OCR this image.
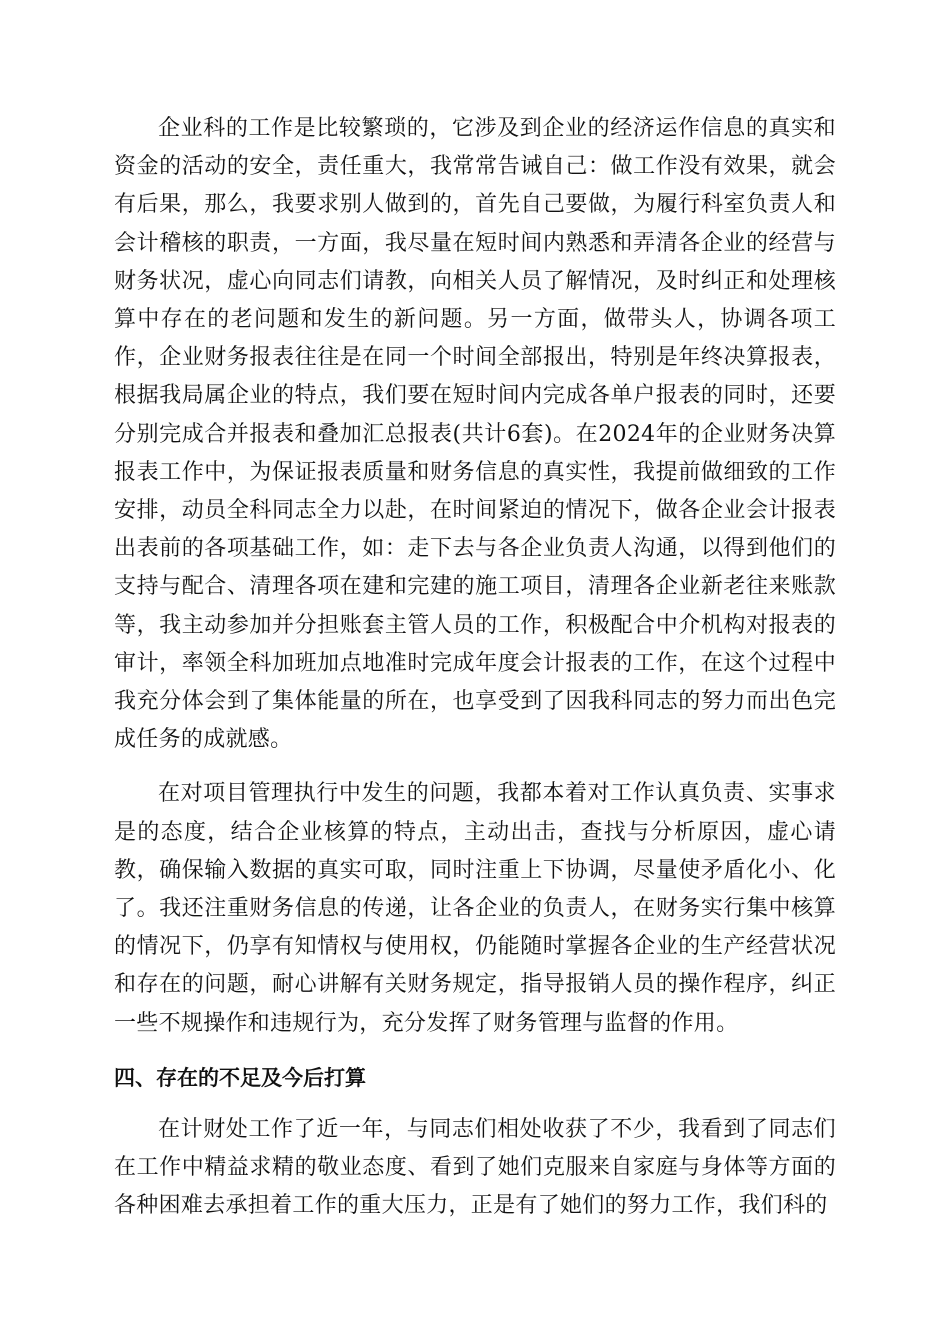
企业科的工作是比较繁琐的，它涉及到企业的经济运作信息的真实和资金的活动的安全，责任重大，我常常告诫自己：做工作没有效果，就会有后果，那么，我要求别人做到的，首先自己要做，为履行科室负责人和会计稽核的职责，一方面，我尽量在短时间内熟悉和弄清各企业的经营与财务状况，虚心向同志们请教，向相关人员了解情况，及时纠正和处理核算中存在的老问题和发生的新问题。另一方面，做带头人，协调各项工作，企业财务报表往往是在同一个时间全部报出，特别是年终决算报表，根据我局属企业的特点，我们要在短时间内完成各单户报表的同时，还要分别完成合并报表和叠加汇总报表(共计6套)。在2024年的企业财务决算报表工作中，为保证报表质量和财务信息的真实性，我提前做细致的工作安排，动员全科同志全力以赴，在时间紧迫的情况下，做各企业会计报表出表前的各项基础工作，如：走下去与各企业负责人沟通，以得到他们的支持与配合、清理各项在建和完建的施工项目，清理各企业新老往来账款等，我主动参加并分担账套主管人员的工作，积极配合中介机构对报表的审计，率领全科加班加点地准时完成年度会计报表的工作，在这个过程中我充分体会到了集体能量的所在，也享受到了因我科同志的努力而出色完成任务的成就感。

在对项目管理执行中发生的问题，我都本着对工作认真负责、实事求是的态度，结合企业核算的特点，主动出击，查找与分析原因，虚心请教，确保输入数据的真实可取，同时注重上下协调，尽量使矛盾化小、化了。我还注重财务信息的传递，让各企业的负责人，在财务实行集中核算的情况下，仍享有知情权与使用权，仍能随时掌握各企业的生产经营状况和存在的问题，耐心讲解有关财务规定，指导报销人员的操作程序，纠正一些不规操作和违规行为，充分发挥了财务管理与监督的作用。

四、存在的不足及今后打算

在计财处工作了近一年，与同志们相处收获了不少，我看到了同志们在工作中精益求精的敬业态度、看到了她们克服来自家庭与身体等方面的各种困难去承担着工作的重大压力，正是有了她们的努力工作，我们科的
